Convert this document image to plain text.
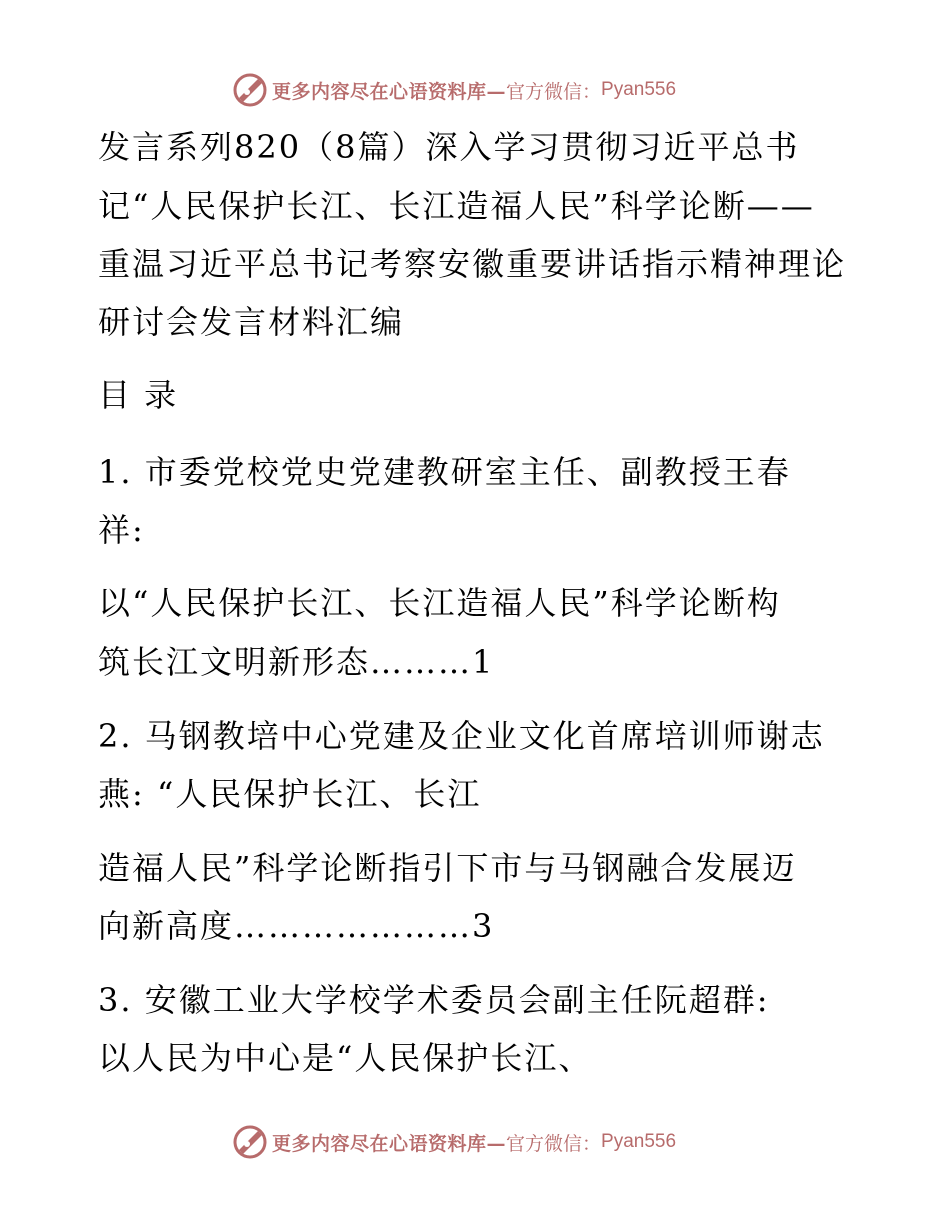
更多内容尽在心语资料库— 官方微信： Pyan556
发言系列820（8篇）深入学习贯彻习近平总书
记“人民保护长江、长江造福人民”科学论断——
重温习近平总书记考察安徽重要讲话指示精神理论
研讨会发言材料汇编
目 录
1. 市委党校党史党建教研室主任、副教授王春
祥:
以“人民保护长江、长江造福人民”科学论断构
筑长江文明新形态………1
2. 马钢教培中心党建及企业文化首席培训师谢志
燕: “人民保护长江、长江
造福人民”科学论断指引下市与马钢融合发展迈
向新高度…………………3
3. 安徽工业大学校学术委员会副主任阮超群:
以人民为中心是“人民保护长江、
更多内容尽在心语资料库— 官方微信： Pyan556
